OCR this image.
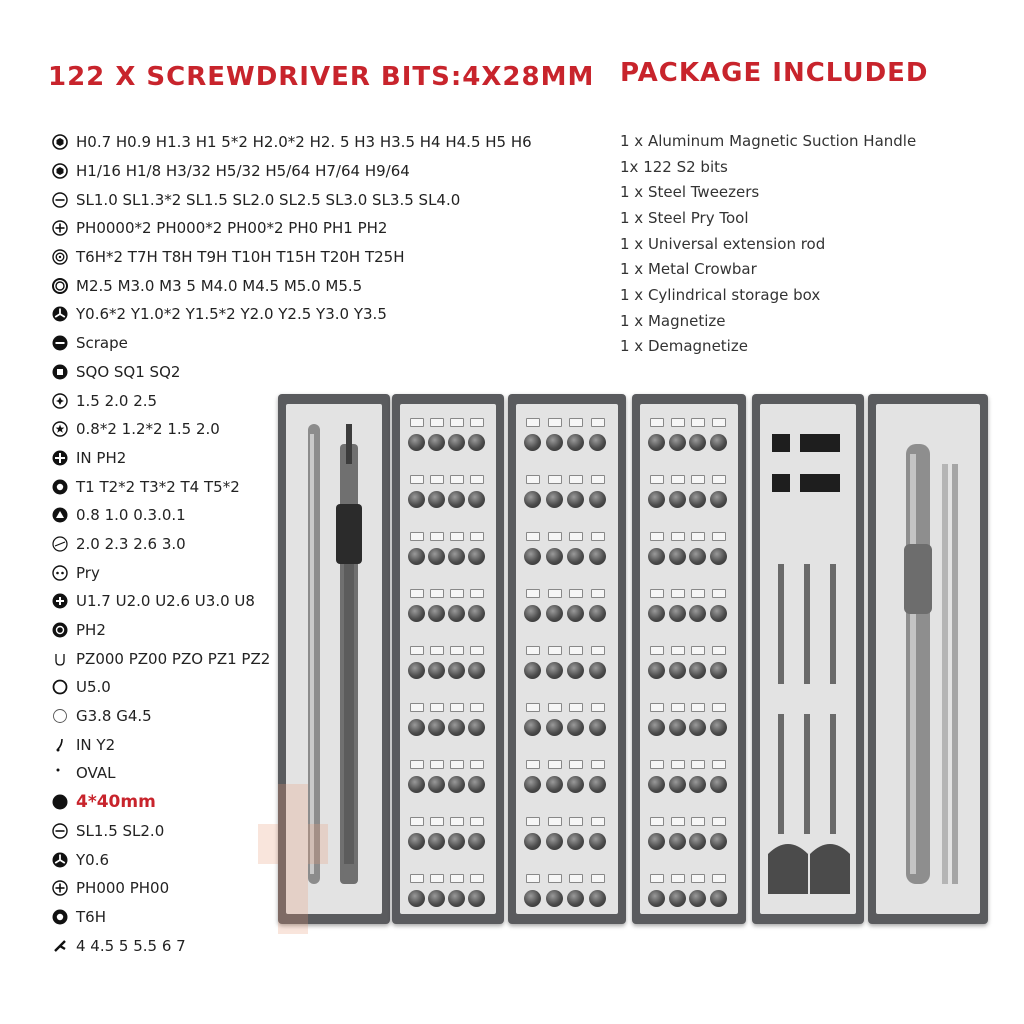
122 X SCREWDRIVER BITS:4X28MM PACKAGE INCLUDED
H0.7 H0.9 H1.3 H1 5*2 H2.0*2 H2. 5 H3 H3.5 H4 H4.5 H5 H6
H1/16 H1/8 H3/32 H5/32 H5/64 H7/64 H9/64
SL1.0 SL1.3*2 SL1.5 SL2.0 SL2.5 SL3.0 SL3.5 SL4.0
PH0000*2 PH000*2 PH00*2 PH0 PH1 PH2
T6H*2 T7H T8H T9H T10H T15H T20H T25H
M2.5 M3.0 M3 5 M4.0 M4.5 M5.0 M5.5
Y0.6*2 Y1.0*2 Y1.5*2 Y2.0 Y2.5 Y3.0 Y3.5
Scrape
SQO SQ1 SQ2
1.5 2.0 2.5
0.8*2 1.2*2 1.5 2.0
IN PH2
T1 T2*2 T3*2 T4 T5*2
0.8 1.0 0.3.0.1
2.0 2.3 2.6 3.0
Pry
U1.7 U2.0 U2.6 U3.0 U8
PH2
PZ000 PZ00 PZO PZ1 PZ2
U5.0
G3.8 G4.5
IN Y2
OVAL
4*40mm
SL1.5 SL2.0
Y0.6
PH000 PH00
T6H
4 4.5 5 5.5 6 7
1 x Aluminum Magnetic Suction Handle
1x 122 S2 bits
1 x Steel Tweezers
1 x Steel Pry Tool
1 x Universal extension rod
1 x Metal Crowbar
1 x Cylindrical storage box
1 x Magnetize
1 x Demagnetize
